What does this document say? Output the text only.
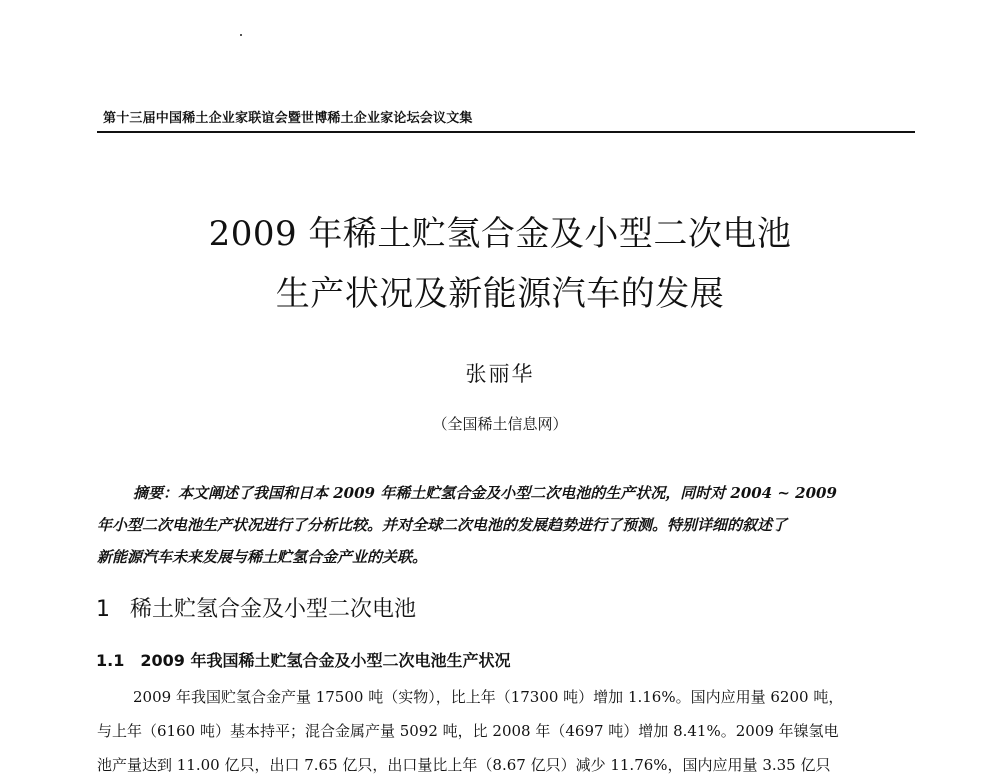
第十三届中国稀土企业家联谊会暨世博稀土企业家论坛会议文集
2009 年稀土贮氢合金及小型二次电池
生产状况及新能源汽车的发展
张丽华
（全国稀土信息网）
摘要：本文阐述了我国和日本 2009 年稀土贮氢合金及小型二次电池的生产状况，同时对 2004 ~ 2009
年小型二次电池生产状况进行了分析比较。并对全球二次电池的发展趋势进行了预测。特别详细的叙述了
新能源汽车未来发展与稀土贮氢合金产业的关联。
1 稀土贮氢合金及小型二次电池
1.1 2009 年我国稀土贮氢合金及小型二次电池生产状况
2009 年我国贮氢合金产量 17500 吨（实物），比上年（17300 吨）增加 1.16%。国内应用量 6200 吨，
与上年（6160 吨）基本持平；混合金属产量 5092 吨，比 2008 年（4697 吨）增加 8.41%。2009 年镍氢电
池产量达到 11.00 亿只，出口 7.65 亿只，出口量比上年（8.67 亿只）减少 11.76%，国内应用量 3.35 亿只
